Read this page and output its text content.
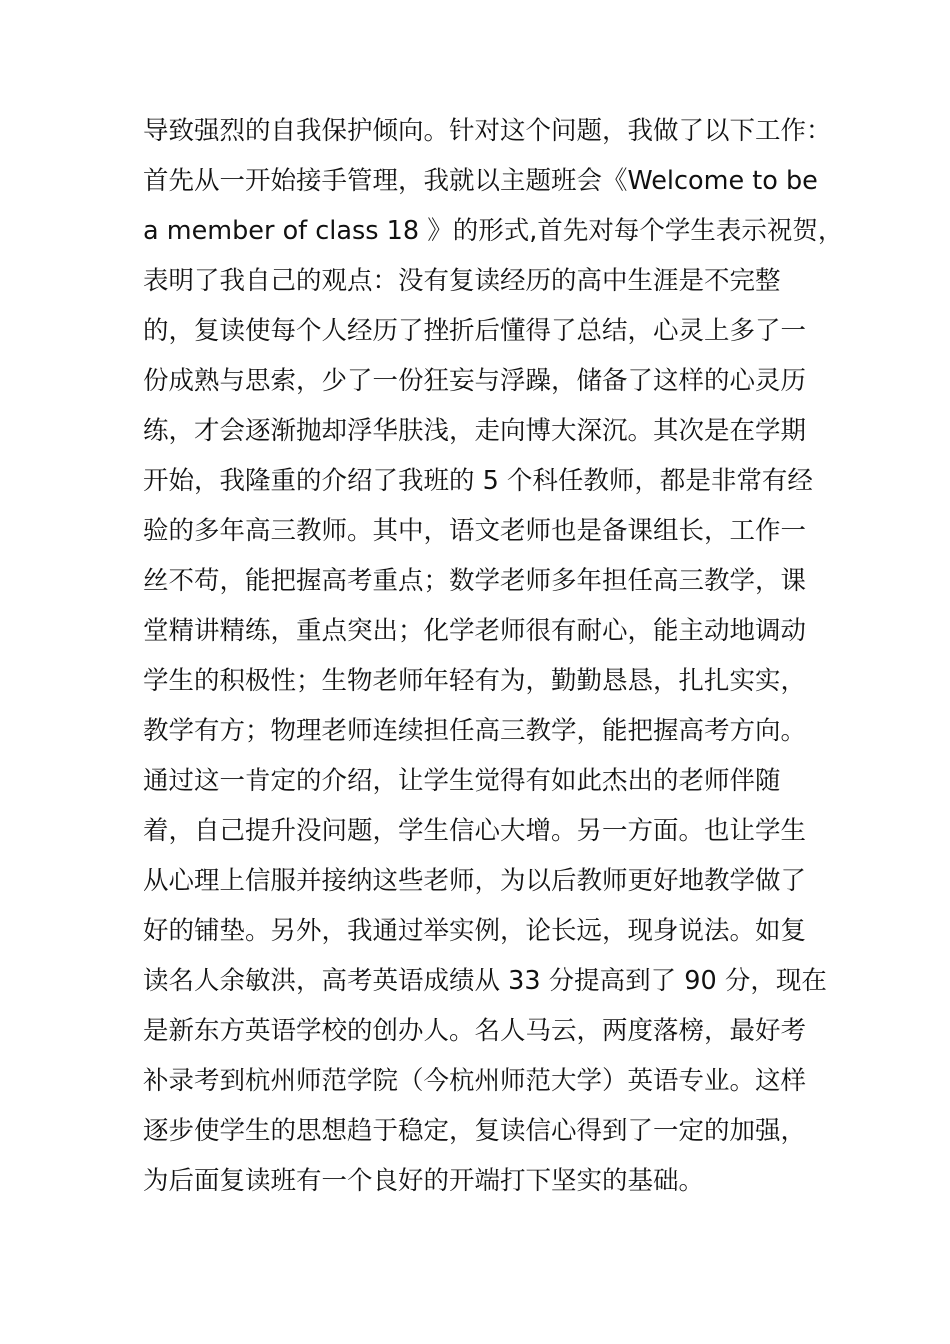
导致强烈的自我保护倾向。针对这个问题，我做了以下工作：
首先从一开始接手管理，我就以主题班会《Welcome to be
a member of class 18 》的形式,首先对每个学生表示祝贺，
表明了我自己的观点：没有复读经历的高中生涯是不完整
的，复读使每个人经历了挫折后懂得了总结，心灵上多了一
份成熟与思索，少了一份狂妄与浮躁，储备了这样的心灵历
练，才会逐渐抛却浮华肤浅，走向博大深沉。其次是在学期
开始，我隆重的介绍了我班的 5 个科任教师，都是非常有经
验的多年高三教师。其中，语文老师也是备课组长，工作一
丝不苟，能把握高考重点；数学老师多年担任高三教学，课
堂精讲精练，重点突出；化学老师很有耐心，能主动地调动
学生的积极性；生物老师年轻有为，勤勤恳恳，扎扎实实，
教学有方；物理老师连续担任高三教学，能把握高考方向。
通过这一肯定的介绍，让学生觉得有如此杰出的老师伴随
着，自己提升没问题，学生信心大增。另一方面。也让学生
从心理上信服并接纳这些老师，为以后教师更好地教学做了
好的铺垫。另外，我通过举实例，论长远，现身说法。如复
读名人余敏洪，高考英语成绩从 33 分提高到了 90 分，现在
是新东方英语学校的创办人。名人马云，两度落榜，最好考
补录考到杭州师范学院（今杭州师范大学）英语专业。这样
逐步使学生的思想趋于稳定，复读信心得到了一定的加强，
为后面复读班有一个良好的开端打下坚实的基础。
